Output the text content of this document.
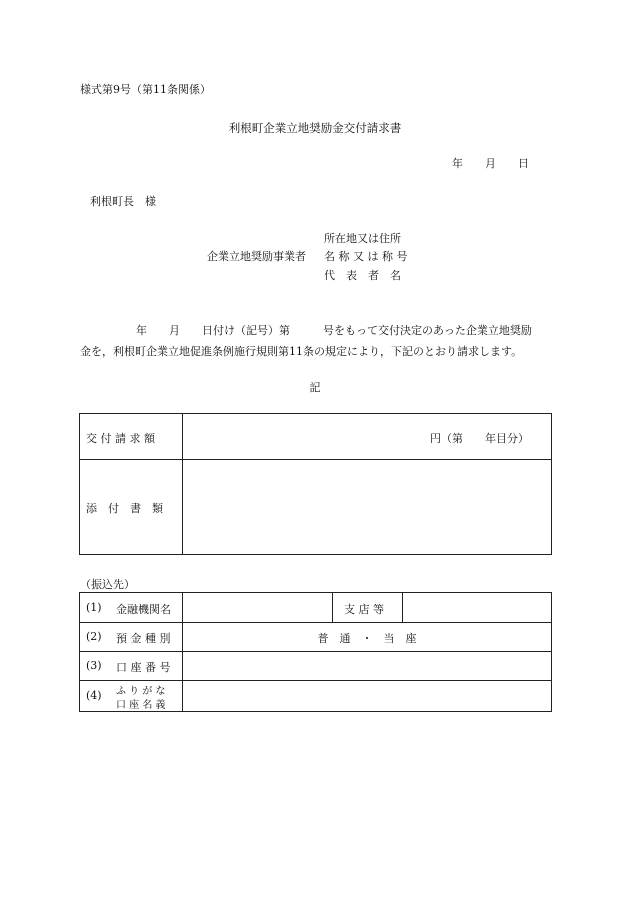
様式第9号（第11条関係）
利根町企業立地奨励金交付請求書
年　　月　　日
利根町長　様
所在地又は住所
企業立地奨励事業者 名 称 又 は 称 号
代　表　者　名
年　　月　　日付け（記号）第　　　号をもって交付決定のあった企業立地奨励
金を，利根町企業立地促進条例施行規則第11条の規定により，下記のとおり請求します。
記
交 付 請 求 額	円（第　　年目分）
添　付　書　類
（振込先）
(1) 金融機関名	支 店 等
(2) 預 金 種 別	普　通　・　当　座
(3) 口 座 番 号
(4) ふ り が な
口 座 名 義
